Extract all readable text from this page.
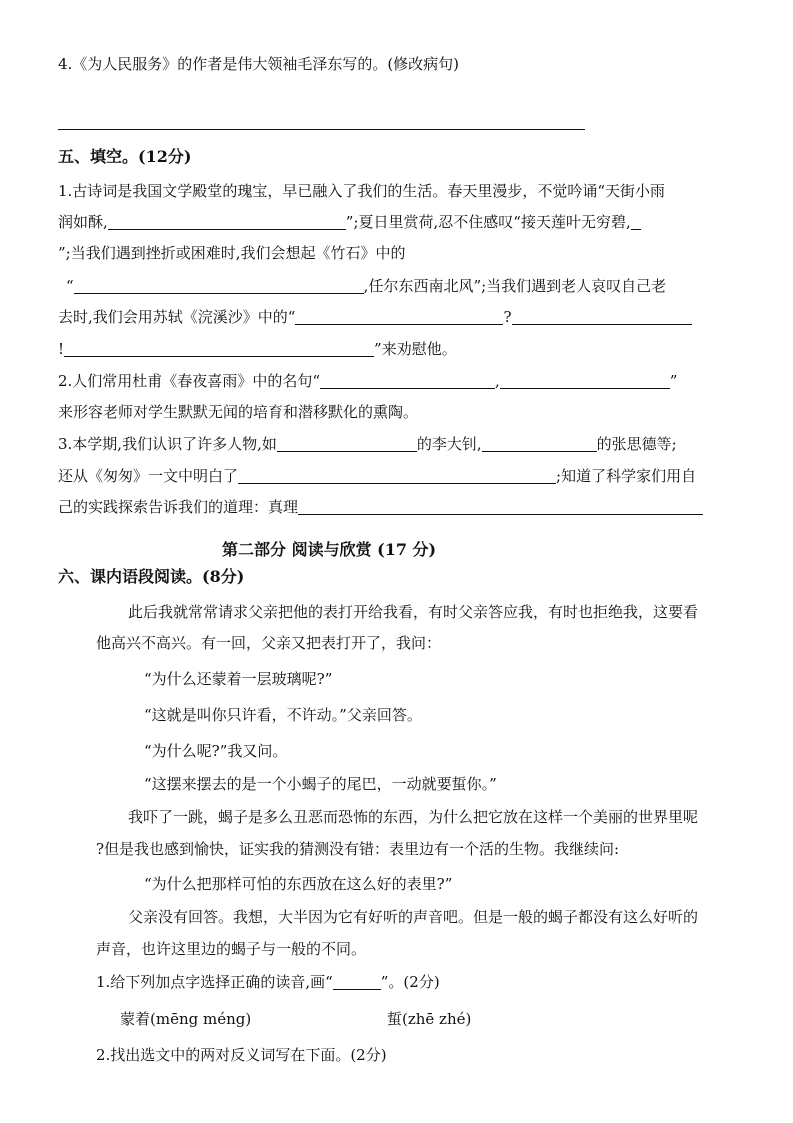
4.《为人民服务》的作者是伟大领袖毛泽东写的。(修改病句)
五、填空。(12分)
1.古诗词是我国文学殿堂的瑰宝，早已融入了我们的生活。春天里漫步，不觉吟诵“天街小雨
润如酥,	”;夏日里赏荷,忍不住感叹“接天莲叶无穷碧,
”;当我们遇到挫折或困难时,我们会想起《竹石》中的
“	,任尔东西南北风”;当我们遇到老人哀叹自己老
去时,我们会用苏轼《浣溪沙》中的“	?
!	”来劝慰他。
2.人们常用杜甫《春夜喜雨》中的名句“	,	”
来形容老师对学生默默无闻的培育和潜移默化的熏陶。
3.本学期,我们认识了许多人物,如	的李大钊,	的张思德等;
还从《匆匆》一文中明白了	;知道了科学家们用自
己的实践探索告诉我们的道理：真理
第二部分 阅读与欣赏 (17 分)
六、课内语段阅读。(8分)
此后我就常常请求父亲把他的表打开给我看，有时父亲答应我，有时也拒绝我，这要看
他高兴不高兴。有一回，父亲又把表打开了，我问：
“为什么还蒙着一层玻璃呢?”
“这就是叫你只许看，不许动。”父亲回答。
“为什么呢?”我又问。
“这摆来摆去的是一个小蝎子的尾巴，一动就要蜇你。”
我吓了一跳，蝎子是多么丑恶而恐怖的东西，为什么把它放在这样一个美丽的世界里呢
?但是我也感到愉快，证实我的猜测没有错：表里边有一个活的生物。我继续问:
“为什么把那样可怕的东西放在这么好的表里?”
父亲没有回答。我想，大半因为它有好听的声音吧。但是一般的蝎子都没有这么好听的
声音，也许这里边的蝎子与一般的不同。
1.给下列加点字选择正确的读音,画“	”。(2分)
蒙着(mēng méng)	蜇(zhē zhé)
2.找出选文中的两对反义词写在下面。(2分)
